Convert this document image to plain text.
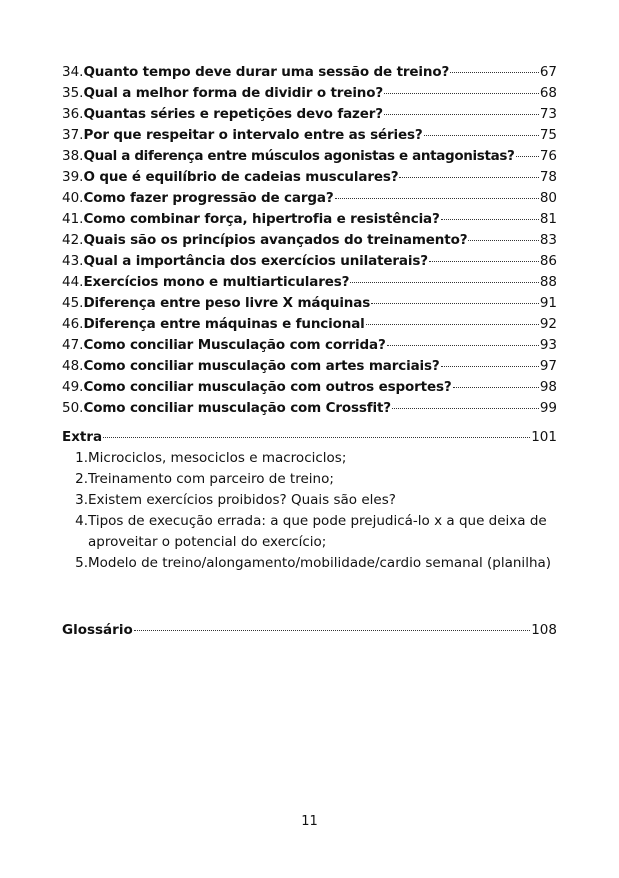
34. Quanto tempo deve durar uma sessão de treino?	67
35. Qual a melhor forma de dividir o treino?	68
36. Quantas séries e repetições devo fazer?	73
37. Por que respeitar o intervalo entre as séries?	75
38. Qual a diferença entre músculos agonistas e antagonistas? 76
39. O que é equilíbrio de cadeias musculares?	78
40. Como fazer progressão de carga?	80
41. Como combinar força, hipertrofia e resistência?	81
42. Quais são os princípios avançados do treinamento?	83
43. Qual a importância dos exercícios unilaterais?	86
44. Exercícios mono e multiarticulares?	88
45. Diferença entre peso livre X máquinas	91
46. Diferença entre máquinas e funcional	92
47. Como conciliar Musculação com corrida?	93
48. Como conciliar musculação com artes marciais?	97
49. Como conciliar musculação com outros esportes?	98
50. Como conciliar musculação com Crossfit?	99
Extra	101
1. Microciclos, mesociclos e macrociclos;
2. Treinamento com parceiro de treino;
3. Existem exercícios proibidos? Quais são eles?
4. Tipos de execução errada: a que pode prejudicá-lo x a que deixa de aproveitar o potencial do exercício;
5. Modelo de treino/alongamento/mobilidade/cardio semanal (planilha)
Glossário	108
11
